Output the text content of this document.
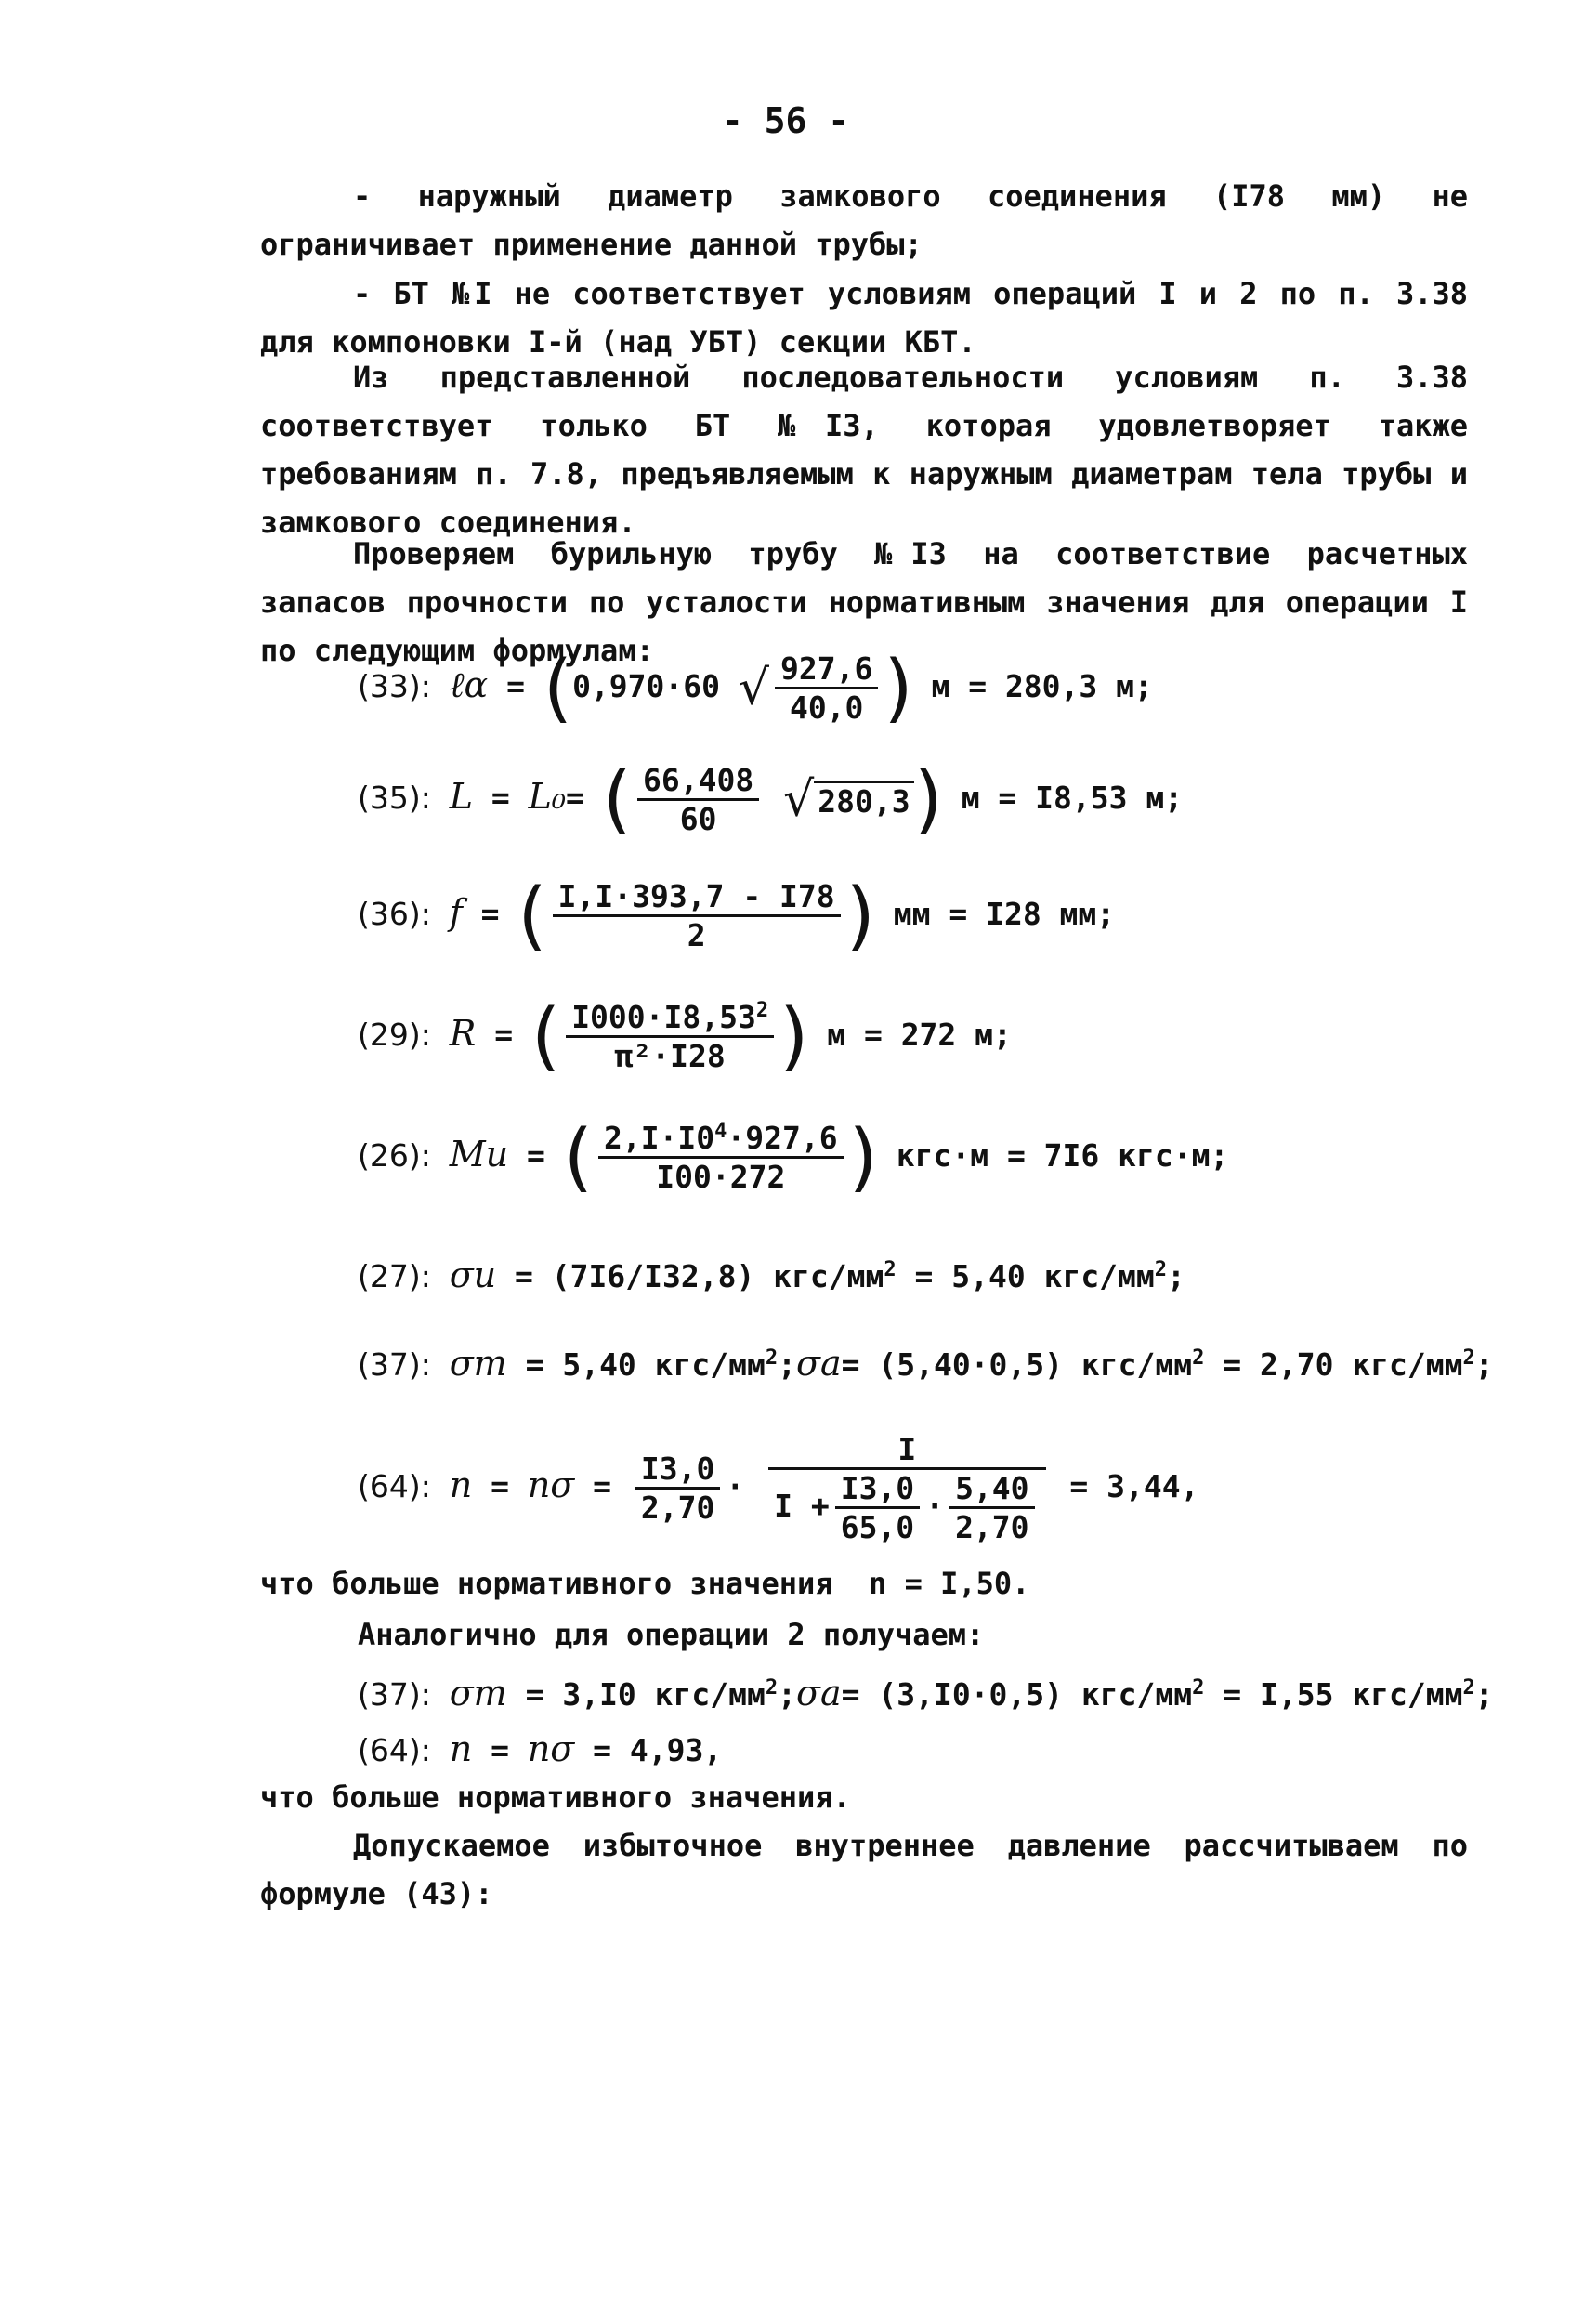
- 56 -
- наружный диаметр замкового соединения (I78 мм) не ограничивает применение данной трубы;
- БТ №I не соответствует условиям операций I и 2 по п. 3.38 для компоновки I-й (над УБТ) секции КБТ.
Из представленной последовательности условиям п. 3.38 соответствует только БТ №I3, которая удовлетворяет также требованиям п. 7.8, предъявляемым к наружным диаметрам тела трубы и замкового соединения.
Проверяем бурильную трубу №I3 на соответствие расчетных запасов прочности по усталости нормативным значения для операции I по следующим формулам:
(33): ℓα = (0,970·60 √ $\frac{927,6}{40,0}$ ) м = 280,3 м;
(35): L = L₀= ( $\frac{66,408}{60}$ √ 280,3) м = I8,53 м;
(36): f = ( $\frac{I,I\cdot 393,7 - I78}{2}$ ) мм = I28 мм;
(29): R = ( $\frac{I000\cdot I8,53^2}{\text{π²·I28}}$ ) м = 272 м;
(26): Mи = ( $\frac{2,I\cdot I0^4\cdot 927,6}{I00\cdot 272}$ ) кгс·м = 7I6 кгс·м;
(27): σи = (7I6/I32,8) кгс/$мм^2 = 5,40$ кгс/$мм^2$;
(37): σm = 5,40 кгс/$мм^2;\sigma a= (5,40\cdot 0,5) кгс/мм^2 = 2,70$ кгс/$мм^2$;
(64): $n = n\sigma = \frac{I3,0}{2,70} \cdot \frac{I}{I + \frac{I3,0}{65,0} \cdot \frac{5,40}{2,70}} = 3,44$,
что больше нормативного значения n = I,50.
Аналогично для операции 2 получаем:
(37): σm = 3,I0 кгс/$мм^2;\sigma a= (3,I0\cdot 0,5) кгс/мм^2 = I,55$ кгс/$мм^2$;
(64): n = nσ = 4,93,
что больше нормативного значения.
Допускаемое избыточное внутреннее давление рассчитываем по формуле (43):
